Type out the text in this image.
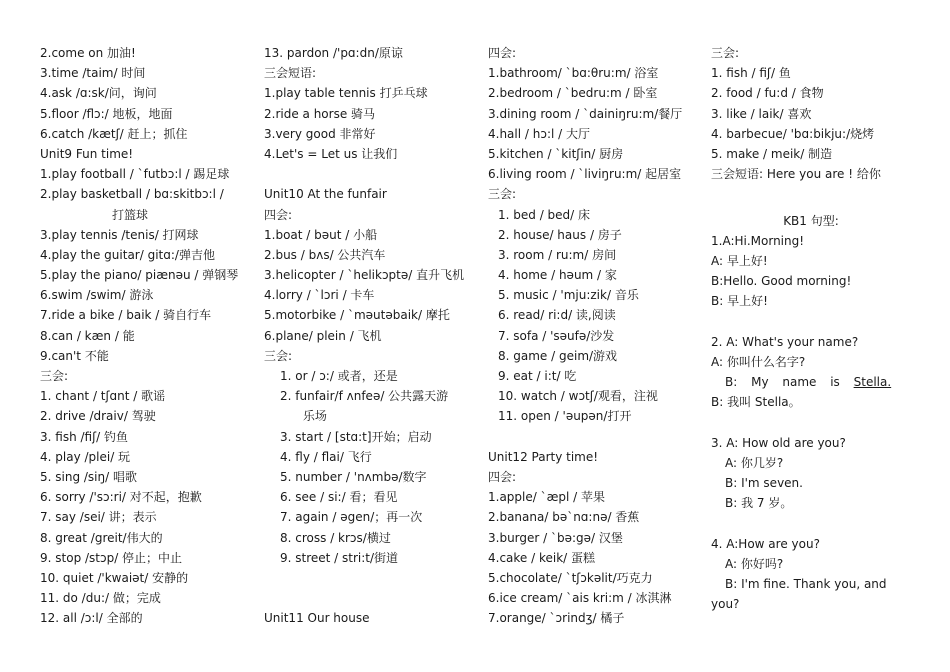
2.come on 加油!
3.time /taim/ 时间
4.ask /ɑ:sk/问，询问
5.floor /flɔ:/ 地板，地面
6.catch /kætʃ/ 赶上；抓住
Unit9 Fun time!
1.play football / `futbɔ:l / 踢足球
2.play basketball / bɑ:skitbɔ:l /
打篮球
3.play tennis /tenis/ 打网球
4.play the guitar/ gitɑ:/弹吉他
5.play the piano/ piænəu / 弹钢琴
6.swim /swim/ 游泳
7.ride a bike / baik / 骑自行车
8.can / kæn / 能
9.can't 不能
三会:
1. chant / tʃɑnt / 歌谣
2. drive /draiv/ 驾驶
3. fish /fiʃ/ 钓鱼
4. play /plei/ 玩
5. sing /siŋ/ 唱歌
6. sorry /'sɔ:ri/ 对不起，抱歉
7. say /sei/ 讲；表示
8. great /greit/伟大的
9. stop /stɔp/ 停止；中止
10. quiet /'kwaiət/ 安静的
11. do /du:/ 做；完成
12. all /ɔ:l/ 全部的
13. pardon /'pɑ:dn/原谅
三会短语:
1.play table tennis 打乒乓球
2.ride a horse 骑马
3.very good 非常好
4.Let's = Let us 让我们
Unit10 At the funfair
四会:
1.boat / bəut / 小船
2.bus / bʌs/ 公共汽车
3.helicopter / `helikɔptə/ 直升飞机
4.lorry / `lɔri / 卡车
5.motorbike / `məutəbaik/ 摩托
6.plane/ plein / 飞机
三会:
1. or / ɔ:/ 或者，还是
2. funfair/f ʌnfeə/ 公共露天游
乐场
3. start / [stɑ:t]开始；启动
4. fly / flai/ 飞行
5. number / 'nʌmbə/数字
6. see / si:/ 看；看见
7. again / əgen/；再一次
8. cross / krɔs/横过
9. street / stri:t/街道
Unit11 Our house
四会:
1.bathroom/ `bɑ:θru:m/ 浴室
2.bedroom / `bedru:m / 卧室
3.dining room / `dainiŋru:m/餐厅
4.hall / hɔ:l / 大厅
5.kitchen / `kitʃin/ 厨房
6.living room / `liviŋru:m/ 起居室
三会:
1. bed / bed/ 床
2. house/ haus / 房子
3. room / ru:m/ 房间
4. home / həum / 家
5. music / 'mju:zik/ 音乐
6. read/ ri:d/ 读,阅读
7. sofa / 'səufə/沙发
8. game / geim/游戏
9. eat / i:t/ 吃
10. watch / wɔtʃ/观看，注视
11. open / 'əupən/打开
Unit12 Party time!
四会:
1.apple/ `æpl / 苹果
2.banana/ bə`nɑ:nə/ 香蕉
3.burger / `bə:gə/ 汉堡
4.cake / keik/ 蛋糕
5.chocolate/ `tʃɔkəlit/巧克力
6.ice cream/ `ais kri:m / 冰淇淋
7.orange/ `ɔrindʒ/ 橘子
三会:
1. fish / fiʃ/ 鱼
2. food / fu:d / 食物
3. like / laik/ 喜欢
4. barbecue/ 'bɑ:bikju:/烧烤
5. make / meik/ 制造
三会短语: Here you are ! 给你
KB1 句型:
1.A:Hi.Morning!
A: 早上好!
B:Hello. Good morning!
B: 早上好!
2. A: What's your name?
A: 你叫什么名字?
B: My name is Stella.
B: 我叫 Stella。
3. A: How old are you?
A: 你几岁?
B: I'm seven.
B: 我 7 岁。
4. A:How are you?
A: 你好吗?
B: I'm fine. Thank you, and
you?
